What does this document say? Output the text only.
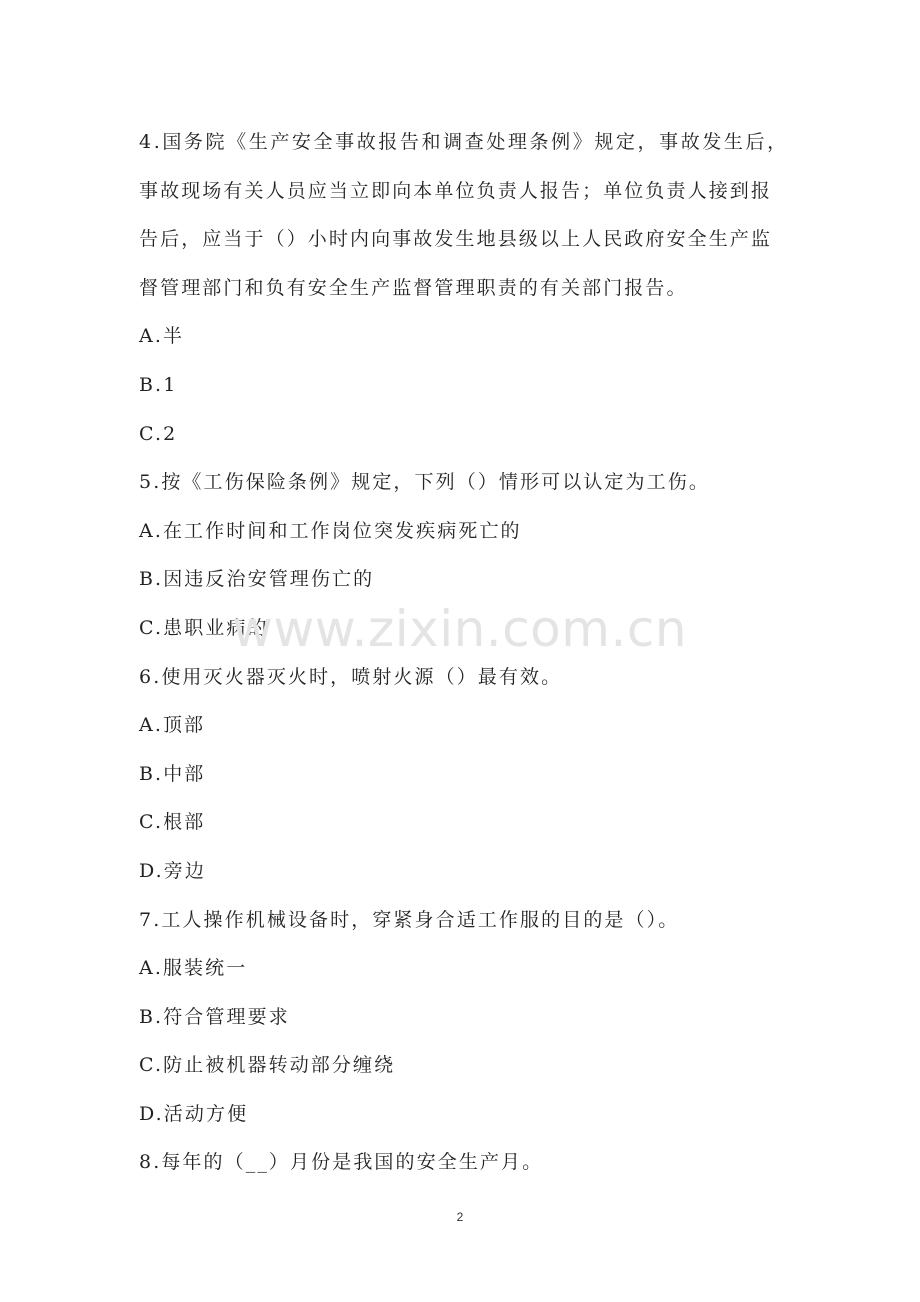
4.国务院《生产安全事故报告和调查处理条例》规定，事故发生后，
事故现场有关人员应当立即向本单位负责人报告；单位负责人接到报
告后，应当于（）小时内向事故发生地县级以上人民政府安全生产监
督管理部门和负有安全生产监督管理职责的有关部门报告。
A.半
B.1
C.2
5.按《工伤保险条例》规定，下列（）情形可以认定为工伤。
A.在工作时间和工作岗位突发疾病死亡的
B.因违反治安管理伤亡的
C.患职业病的
6.使用灭火器灭火时，喷射火源（）最有效。
A.顶部
B.中部
C.根部
D.旁边
7.工人操作机械设备时，穿紧身合适工作服的目的是（）。
A.服装统一
B.符合管理要求
C.防止被机器转动部分缠绕
D.活动方便
8.每年的（__）月份是我国的安全生产月。
www.zixin.com.cn
2
